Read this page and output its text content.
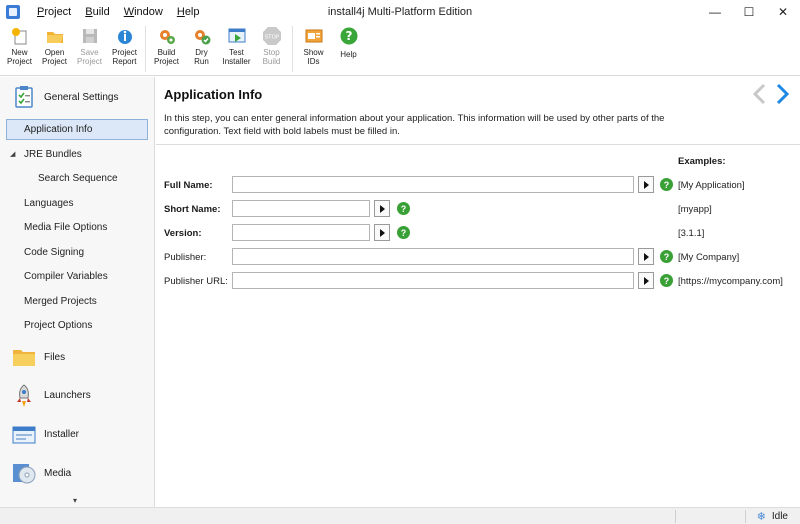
Project	Build	Window	Help	install4j Multi-Platform Edition	—	☐	✕
New
Project
Open
Project
Save
Project
Project
Report
Build
Project
Dry
Run
Test
Installer
STOP
Stop
Build
Show
IDs
?
Help
General Settings
Application Info
◢ JRE Bundles
Search Sequence
Languages
Media File Options
Code Signing
Compiler Variables
Merged Projects
Project Options
Files
Launchers
Installer
Media
▾
Application Info
In this step, you can enter general information about your application. This information will be used by other parts of the configuration. Text field with bold labels must be filled in.
Examples:
Full Name:	? [My Application]
Short Name:	?	[myapp]
Version:	?	[3.1.1]
Publisher:	? [My Company]
Publisher URL:	? [https://mycompany.com]
❄ Idle
